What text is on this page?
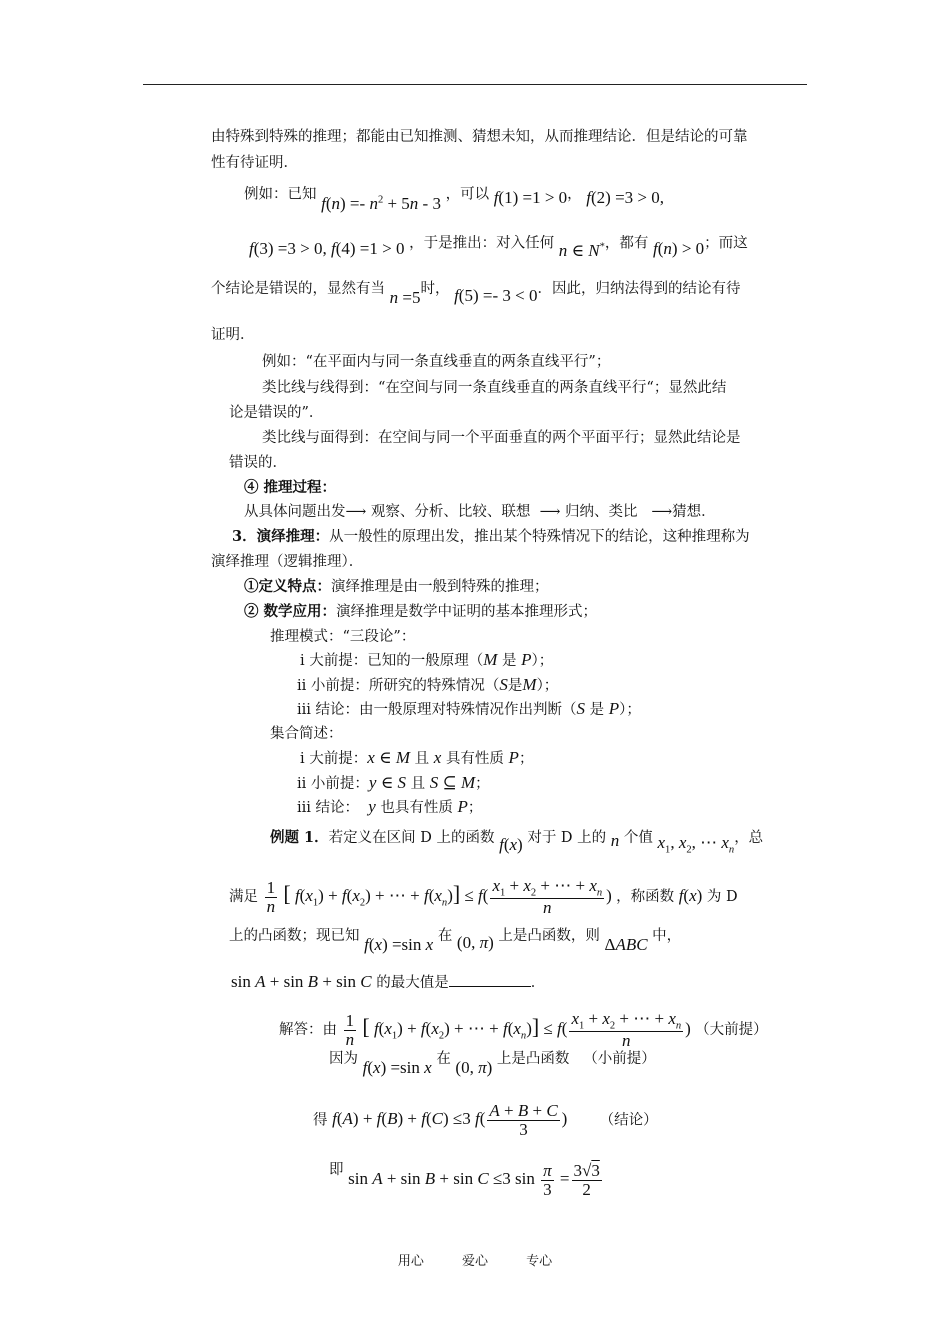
由特殊到特殊的推理；都能由已知推测、猜想未知，从而推理结论．但是结论的可靠
性有待证明．
例如：已知 $f(n) =- n^2 + 5n - 3$ ，可以 f(1) =1 > 0， f(2) =3 > 0,
f(3) =3 > 0, f(4) =1 > 0 ，于是推出：对入任何 n ∈ N*，都有 f(n) > 0；而这
个结论是错误的，显然有当 n =5时， f(5) =- 3 < 0．因此，归纳法得到的结论有待
证明．
例如：“在平面内与同一条直线垂直的两条直线平行”；
类比线与线得到：“在空间与同一条直线垂直的两条直线平行“；显然此结
论是错误的”．
类比线与面得到：在空间与同一个平面垂直的两个平面平行；显然此结论是
错误的．
④ 推理过程：
从具体问题出发⟶ 观察、分析、比较、联想  ⟶ 归纳、类比   ⟶猜想．
3．演绎推理：从一般性的原理出发，推出某个特殊情况下的结论，这种推理称为
演绎推理（逻辑推理）．
①定义特点：演绎推理是由一般到特殊的推理；
② 数学应用：演绎推理是数学中证明的基本推理形式；
推理模式：“三段论”：
ⅰ 大前提：已知的一般原理（M 是 P）；
ⅱ 小前提：所研究的特殊情况（S是M）；
ⅲ 结论：由一般原理对特殊情况作出判断（S 是 P）；
集合简述：
ⅰ 大前提：x ∈ M 且 x 具有性质 P；
ⅱ 小前提：y ∈ S 且 S ⊆ M；
ⅲ 结论： y 也具有性质 P；
例题 1．若定义在区间 D 上的函数 f(x) 对于 D 上的 n 个值 $x_1$, $x_2$, ⋯ $x_n$，总
满足 $\frac{1}{n}$ [ $f(x_1) + f(x_2)$ + ⋯ + $f(x_n)] \le f( \frac{x_1 + x_2 + \cdots + x_n}{n}$ ) ，称函数 f(x) 为 D
上的凸函数；现已知 f(x) =sin x 在 (0, π) 上是凸函数，则 ΔABC 中，
sin A + sin B + sin C 的最大值是	．
解答：由 $\frac{1}{n}$ [ $f(x_1) + f(x_2)$ + ⋯ + $f(x_n)] \le f( \frac{x_1 + x_2 + \cdots + x_n}{n}$ ) （大前提）
因为 f(x) =sin x 在 (0, π) 上是凸函数 （小前提）
得 f(A) + f(B) + f(C) ≤3 f( A + B + C
3) （结论）
即 sin A + sin B + sin C ≤3 sin π
3 = 3√3
2
用心	爱心	专心
